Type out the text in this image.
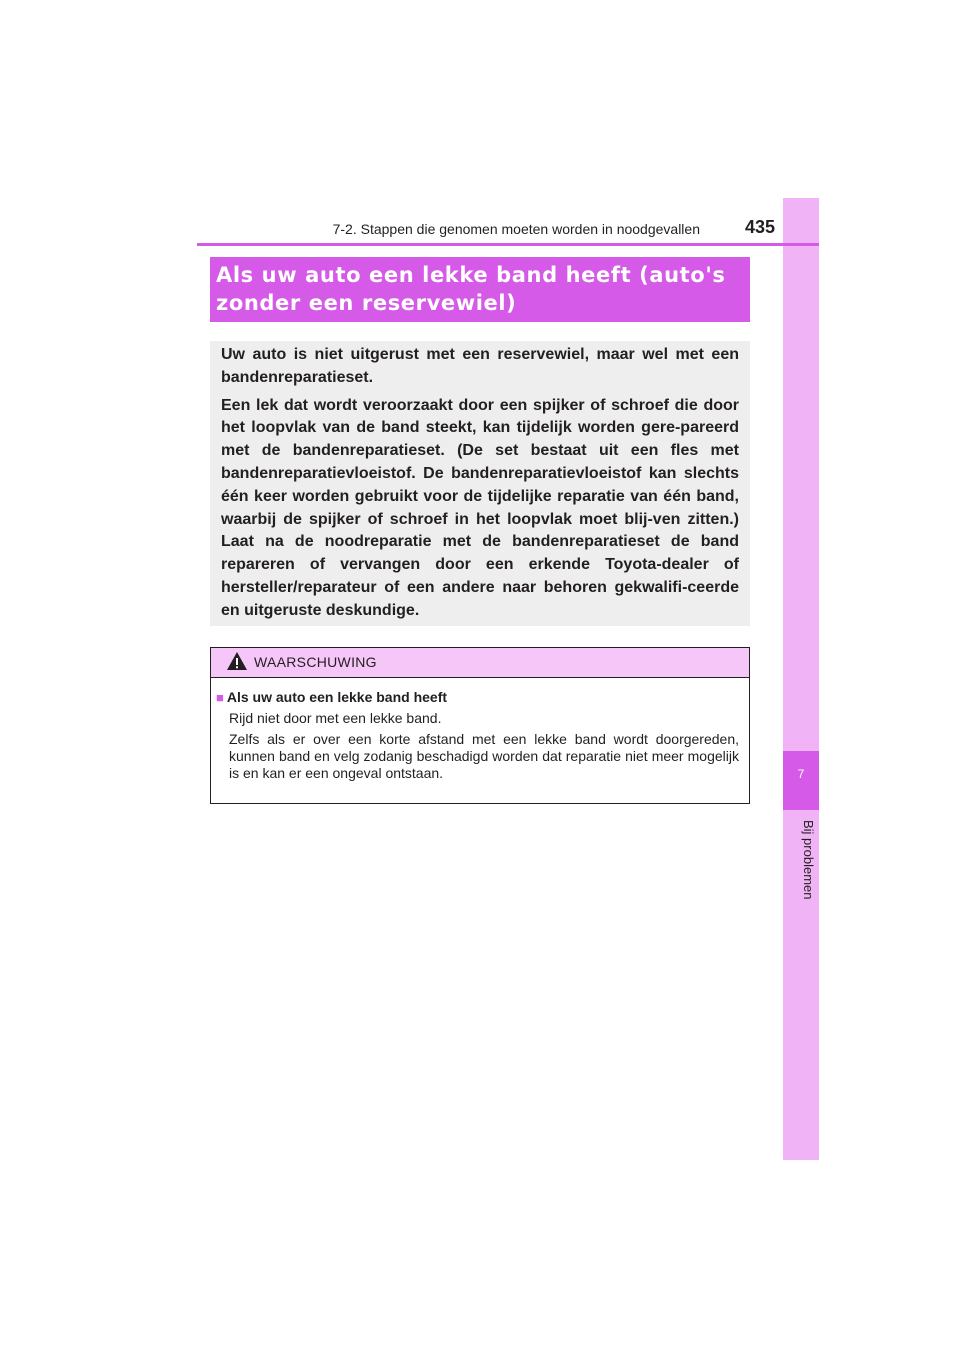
7
Bij problemen
7-2. Stappen die genomen moeten worden in noodgevallen	435
Als uw auto een lekke band heeft (auto's zonder een reservewiel)

Uw auto is niet uitgerust met een reservewiel, maar wel met een bandenreparatieset.

Een lek dat wordt veroorzaakt door een spijker of schroef die door het loopvlak van de band steekt, kan tijdelijk worden gere-pareerd met de bandenreparatieset. (De set bestaat uit een fles met bandenreparatievloeistof. De bandenreparatievloeistof kan slechts één keer worden gebruikt voor de tijdelijke reparatie van één band, waarbij de spijker of schroef in het loopvlak moet blij-ven zitten.) Laat na de noodreparatie met de bandenreparatieset de band repareren of vervangen door een erkende Toyota-dealer of hersteller/reparateur of een andere naar behoren gekwalifi-ceerde en uitgeruste deskundige.

WAARSCHUWING
■ Als uw auto een lekke band heeft

Rijd niet door met een lekke band.

Zelfs als er over een korte afstand met een lekke band wordt doorgereden, kunnen band en velg zodanig beschadigd worden dat reparatie niet meer mogelijk is en kan er een ongeval ontstaan.
